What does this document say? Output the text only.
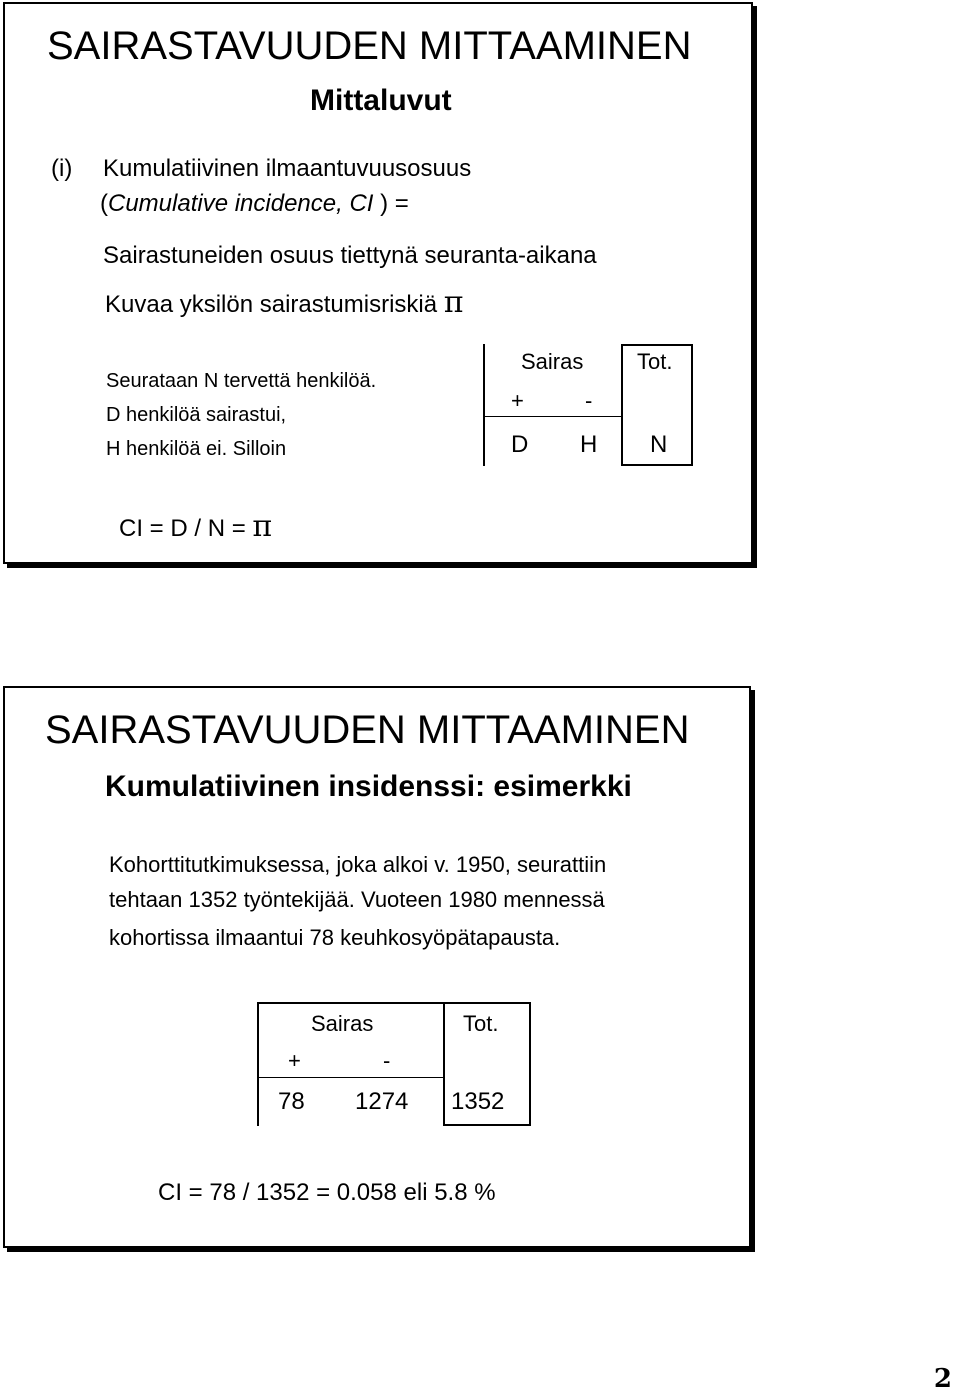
SAIRASTAVUUDEN MITTAAMINEN
Mittaluvut
(i) Kumulatiivinen ilmaantuvuusosuus
(Cumulative incidence, CI ) =
Sairastuneiden osuus tiettynä seuranta-aikana
Kuvaa yksilön sairastumisriskiä π
Seurataan N tervettä henkilöä.
D henkilöä sairastui,
H henkilöä ei. Silloin
Sairas Tot.
+	-
D H N
CI = D / N = π
SAIRASTAVUUDEN MITTAAMINEN
Kumulatiivinen insidenssi: esimerkki
Kohorttitutkimuksessa, joka alkoi v. 1950, seurattiin
tehtaan 1352 työntekijää. Vuoteen 1980 mennessä
kohortissa ilmaantui 78 keuhkosyöpätapausta.
Sairas	Tot.
+	-
78 1274 1352
CI = 78 / 1352 = 0.058 eli 5.8 %
2
